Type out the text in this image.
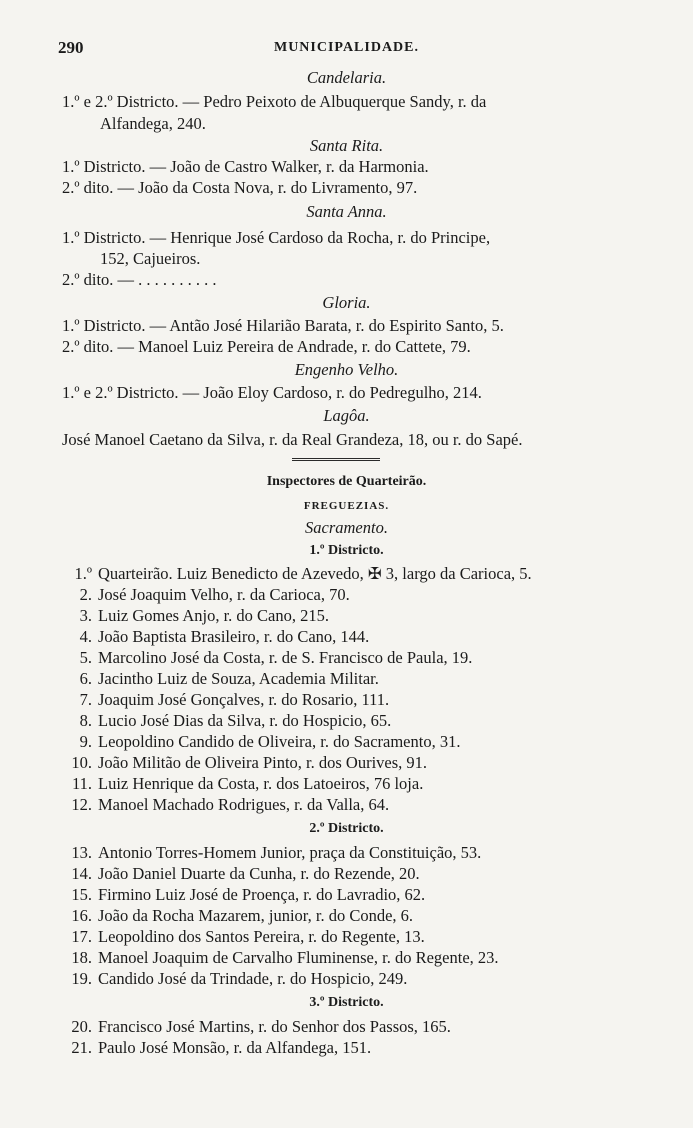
290	MUNICIPALIDADE.
Candelaria.
1.º e 2.º Districto. — Pedro Peixoto de Albuquerque Sandy, r. da
Alfandega, 240.
Santa Rita.
1.º Districto. — João de Castro Walker, r. da Harmonia.
2.º dito. — João da Costa Nova, r. do Livramento, 97.
Santa Anna.
1.º Districto. — Henrique José Cardoso da Rocha, r. do Principe,
152, Cajueiros.
2.º dito. — . . . . . . . . . .
Gloria.
1.º Districto. — Antão José Hilarião Barata, r. do Espirito Santo, 5.
2.º dito. — Manoel Luiz Pereira de Andrade, r. do Cattete, 79.
Engenho Velho.
1.º e 2.º Districto. — João Eloy Cardoso, r. do Pedregulho, 214.
Lagôa.
José Manoel Caetano da Silva, r. da Real Grandeza, 18, ou r. do Sapé.
Inspectores de Quarteirão.
FREGUEZIAS.
Sacramento.
1.º Districto.
1.º Quarteirão. Luiz Benedicto de Azevedo, ✠ 3, largo da Carioca, 5.
2. José Joaquim Velho, r. da Carioca, 70.
3. Luiz Gomes Anjo, r. do Cano, 215.
4. João Baptista Brasileiro, r. do Cano, 144.
5. Marcolino José da Costa, r. de S. Francisco de Paula, 19.
6. Jacintho Luiz de Souza, Academia Militar.
7. Joaquim José Gonçalves, r. do Rosario, 111.
8. Lucio José Dias da Silva, r. do Hospicio, 65.
9. Leopoldino Candido de Oliveira, r. do Sacramento, 31.
10. João Militão de Oliveira Pinto, r. dos Ourives, 91.
11. Luiz Henrique da Costa, r. dos Latoeiros, 76 loja.
12. Manoel Machado Rodrigues, r. da Valla, 64.
2.º Districto.
13. Antonio Torres-Homem Junior, praça da Constituição, 53.
14. João Daniel Duarte da Cunha, r. do Rezende, 20.
15. Firmino Luiz José de Proença, r. do Lavradio, 62.
16. João da Rocha Mazarem, junior, r. do Conde, 6.
17. Leopoldino dos Santos Pereira, r. do Regente, 13.
18. Manoel Joaquim de Carvalho Fluminense, r. do Regente, 23.
19. Candido José da Trindade, r. do Hospicio, 249.
3.º Districto.
20. Francisco José Martins, r. do Senhor dos Passos, 165.
21. Paulo José Monsão, r. da Alfandega, 151.
